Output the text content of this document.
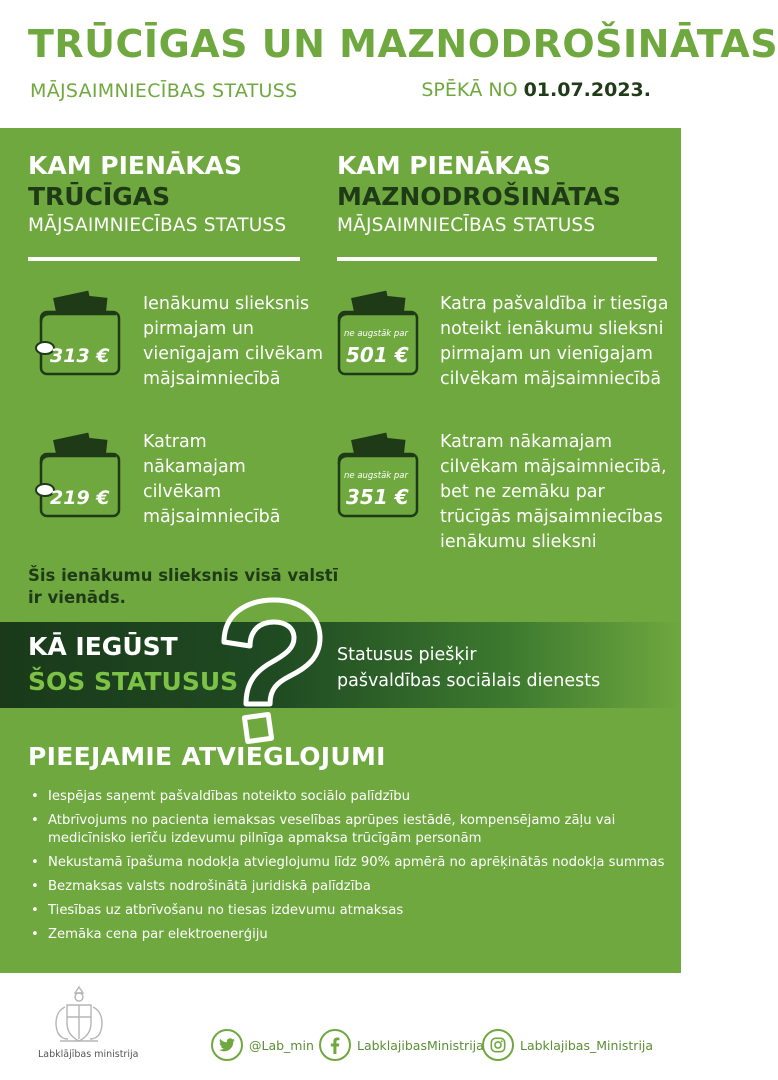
TRŪCĪGAS UN MAZNODROŠINĀTAS
MĀJSAIMNIECĪBAS STATUSS	SPĒKĀ NO 01.07.2023.
KAM PIENĀKAS
TRŪCĪGAS
MĀJSAIMNIECĪBAS STATUSS
KAM PIENĀKAS
MAZNODROŠINĀTAS
MĀJSAIMNIECĪBAS STATUSS
313 €
Ienākumu slieksnis
pirmajam un
vienīgajam cilvēkam
mājsaimniecībā
219 €
Katram
nākamajam
cilvēkam
mājsaimniecībā
Šis ienākumu slieksnis visā valstī
ir vienāds.
ne augstāk par
501 €
Katra pašvaldība ir tiesīga
noteikt ienākumu slieksni
pirmajam un vienīgajam
cilvēkam mājsaimniecībā
ne augstāk par
351 €
Katram nākamajam
cilvēkam mājsaimniecībā,
bet ne zemāku par
trūcīgās mājsaimniecības
ienākumu slieksni
KĀ IEGŪST
ŠOS STATUSUS
Statusus piešķir
pašvaldības sociālais dienests
PIEEJAMIE ATVIEGLOJUMI
• Iespējas saņemt pašvaldības noteikto sociālo palīdzību
• Atbrīvojums no pacienta iemaksas veselības aprūpes iestādē, kompensējamo zāļu vai medicīnisko ierīču izdevumu pilnīga apmaksa trūcīgām personām
• Nekustamā īpašuma nodokļa atvieglojumu līdz 90% apmērā no aprēķinātās nodokļa summas
• Bezmaksas valsts nodrošinātā juridiskā palīdzība
• Tiesības uz atbrīvošanu no tiesas izdevumu atmaksas
• Zemāka cena par elektroenerģiju
Labklājības ministrija
@Lab_min	LabklajibasMinistrija	Labklajibas_Ministrija
